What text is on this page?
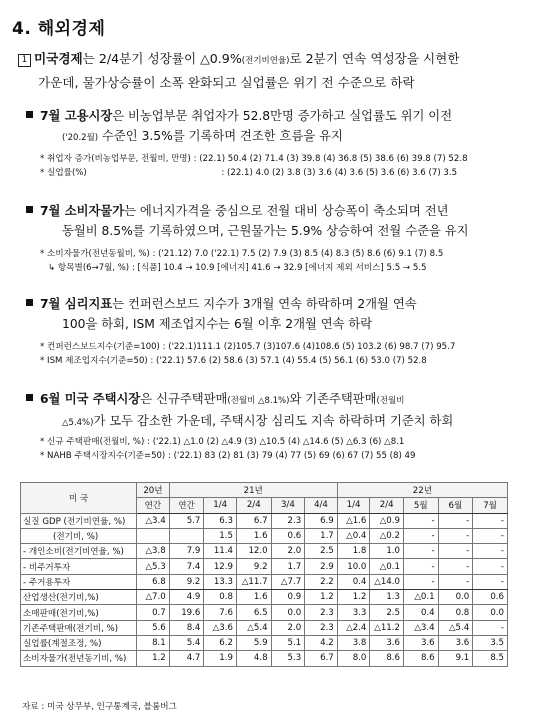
4. 해외경제
1 미국경제는 2/4분기 성장률이 △0.9%(전기비연율)로 2분기 연속 역성장을 시현한
가운데, 물가상승률이 소폭 완화되고 실업률은 위기 전 수준으로 하락
7월 고용시장은 비농업부문 취업자가 52.8만명 증가하고 실업률도 위기 이전
('20.2월) 수준인 3.5%를 기록하며 견조한 흐름을 유지
* 취업자 증가(비농업부문, 전월비, 만명) : (22.1) 50.4 (2) 71.4 (3) 39.8 (4) 36.8 (5) 38.6 (6) 39.8 (7) 52.8
* 실업률(%)	: (22.1) 4.0 (2) 3.8 (3) 3.6 (4) 3.6 (5) 3.6 (6) 3.6 (7) 3.5
7월 소비자물가는 에너지가격을 중심으로 전월 대비 상승폭이 축소되며 전년
동월비 8.5%를 기록하였으며, 근원물가는 5.9% 상승하여 전월 수준을 유지
* 소비자물가(전년동월비, %) : ('21.12) 7.0 ('22.1) 7.5 (2) 7.9 (3) 8.5 (4) 8.3 (5) 8.6 (6) 9.1 (7) 8.5
↳ 항목별(6→7월, %) : [식품] 10.4 → 10.9 [에너지] 41.6 → 32.9 [에너지 제외 서비스] 5.5 → 5.5
7월 심리지표는 컨퍼런스보드 지수가 3개월 연속 하락하며 2개월 연속
100을 하회, ISM 제조업지수는 6월 이후 2개월 연속 하락
* 컨퍼런스보드지수(기준=100) : ('22.1)111.1 (2)105.7 (3)107.6 (4)108.6 (5) 103.2 (6) 98.7 (7) 95.7
* ISM 제조업지수(기준=50) : ('22.1) 57.6 (2) 58.6 (3) 57.1 (4) 55.4 (5) 56.1 (6) 53.0 (7) 52.8
6월 미국 주택시장은 신규주택판매(전월비 △8.1%)와 기존주택판매(전월비
△5.4%)가 모두 감소한 가운데, 주택시장 심리도 지속 하락하며 기준치 하회
* 신규 주택판매(전월비, %) : ('22.1) △1.0 (2) △4.9 (3) △10.5 (4) △14.6 (5) △6.3 (6) △8.1
* NAHB 주택시장지수(기준=50) : ('22.1) 83 (2) 81 (3) 79 (4) 77 (5) 69 (6) 67 (7) 55 (8) 49
미 국	20년	21년					22년				
	연간	연간	1/4	2/4	3/4	4/4	1/4	2/4	5월	6월	7월
실질 GDP (전기비연율, %)	△3.4	5.7	6.3	6.7	2.3	6.9	△1.6	△0.9	-	-	-
(전기비, %)			1.5	1.6	0.6	1.7	△0.4	△0.2	-	-	-
- 개인소비(전기비연율, %)	△3.8	7.9	11.4	12.0	2.0	2.5	1.8	1.0	-	-	-
- 비주거투자	△5.3	7.4	12.9	9.2	1.7	2.9	10.0	△0.1	-	-	-
- 주거용투자	6.8	9.2	13.3	△11.7	△7.7	2.2	0.4	△14.0	-	-	-
산업생산(전기비,%)	△7.0	4.9	0.8	1.6	0.9	1.2	1.2	1.3	△0.1	0.0	0.6
소매판매(전기비,%)	0.7	19.6	7.6	6.5	0.0	2.3	3.3	2.5	0.4	0.8	0.0
기존주택판매(전기비, %)	5.6	8.4	△3.6	△5.4	2.0	2.3	△2.4	△11.2	△3.4	△5.4	-
실업률(계절조정, %)	8.1	5.4	6.2	5.9	5.1	4.2	3.8	3.6	3.6	3.6	3.5
소비자물가(전년동기비, %)	1.2	4.7	1.9	4.8	5.3	6.7	8.0	8.6	8.6	9.1	8.5
자료 : 미국 상무부, 인구통계국, 블룸버그
